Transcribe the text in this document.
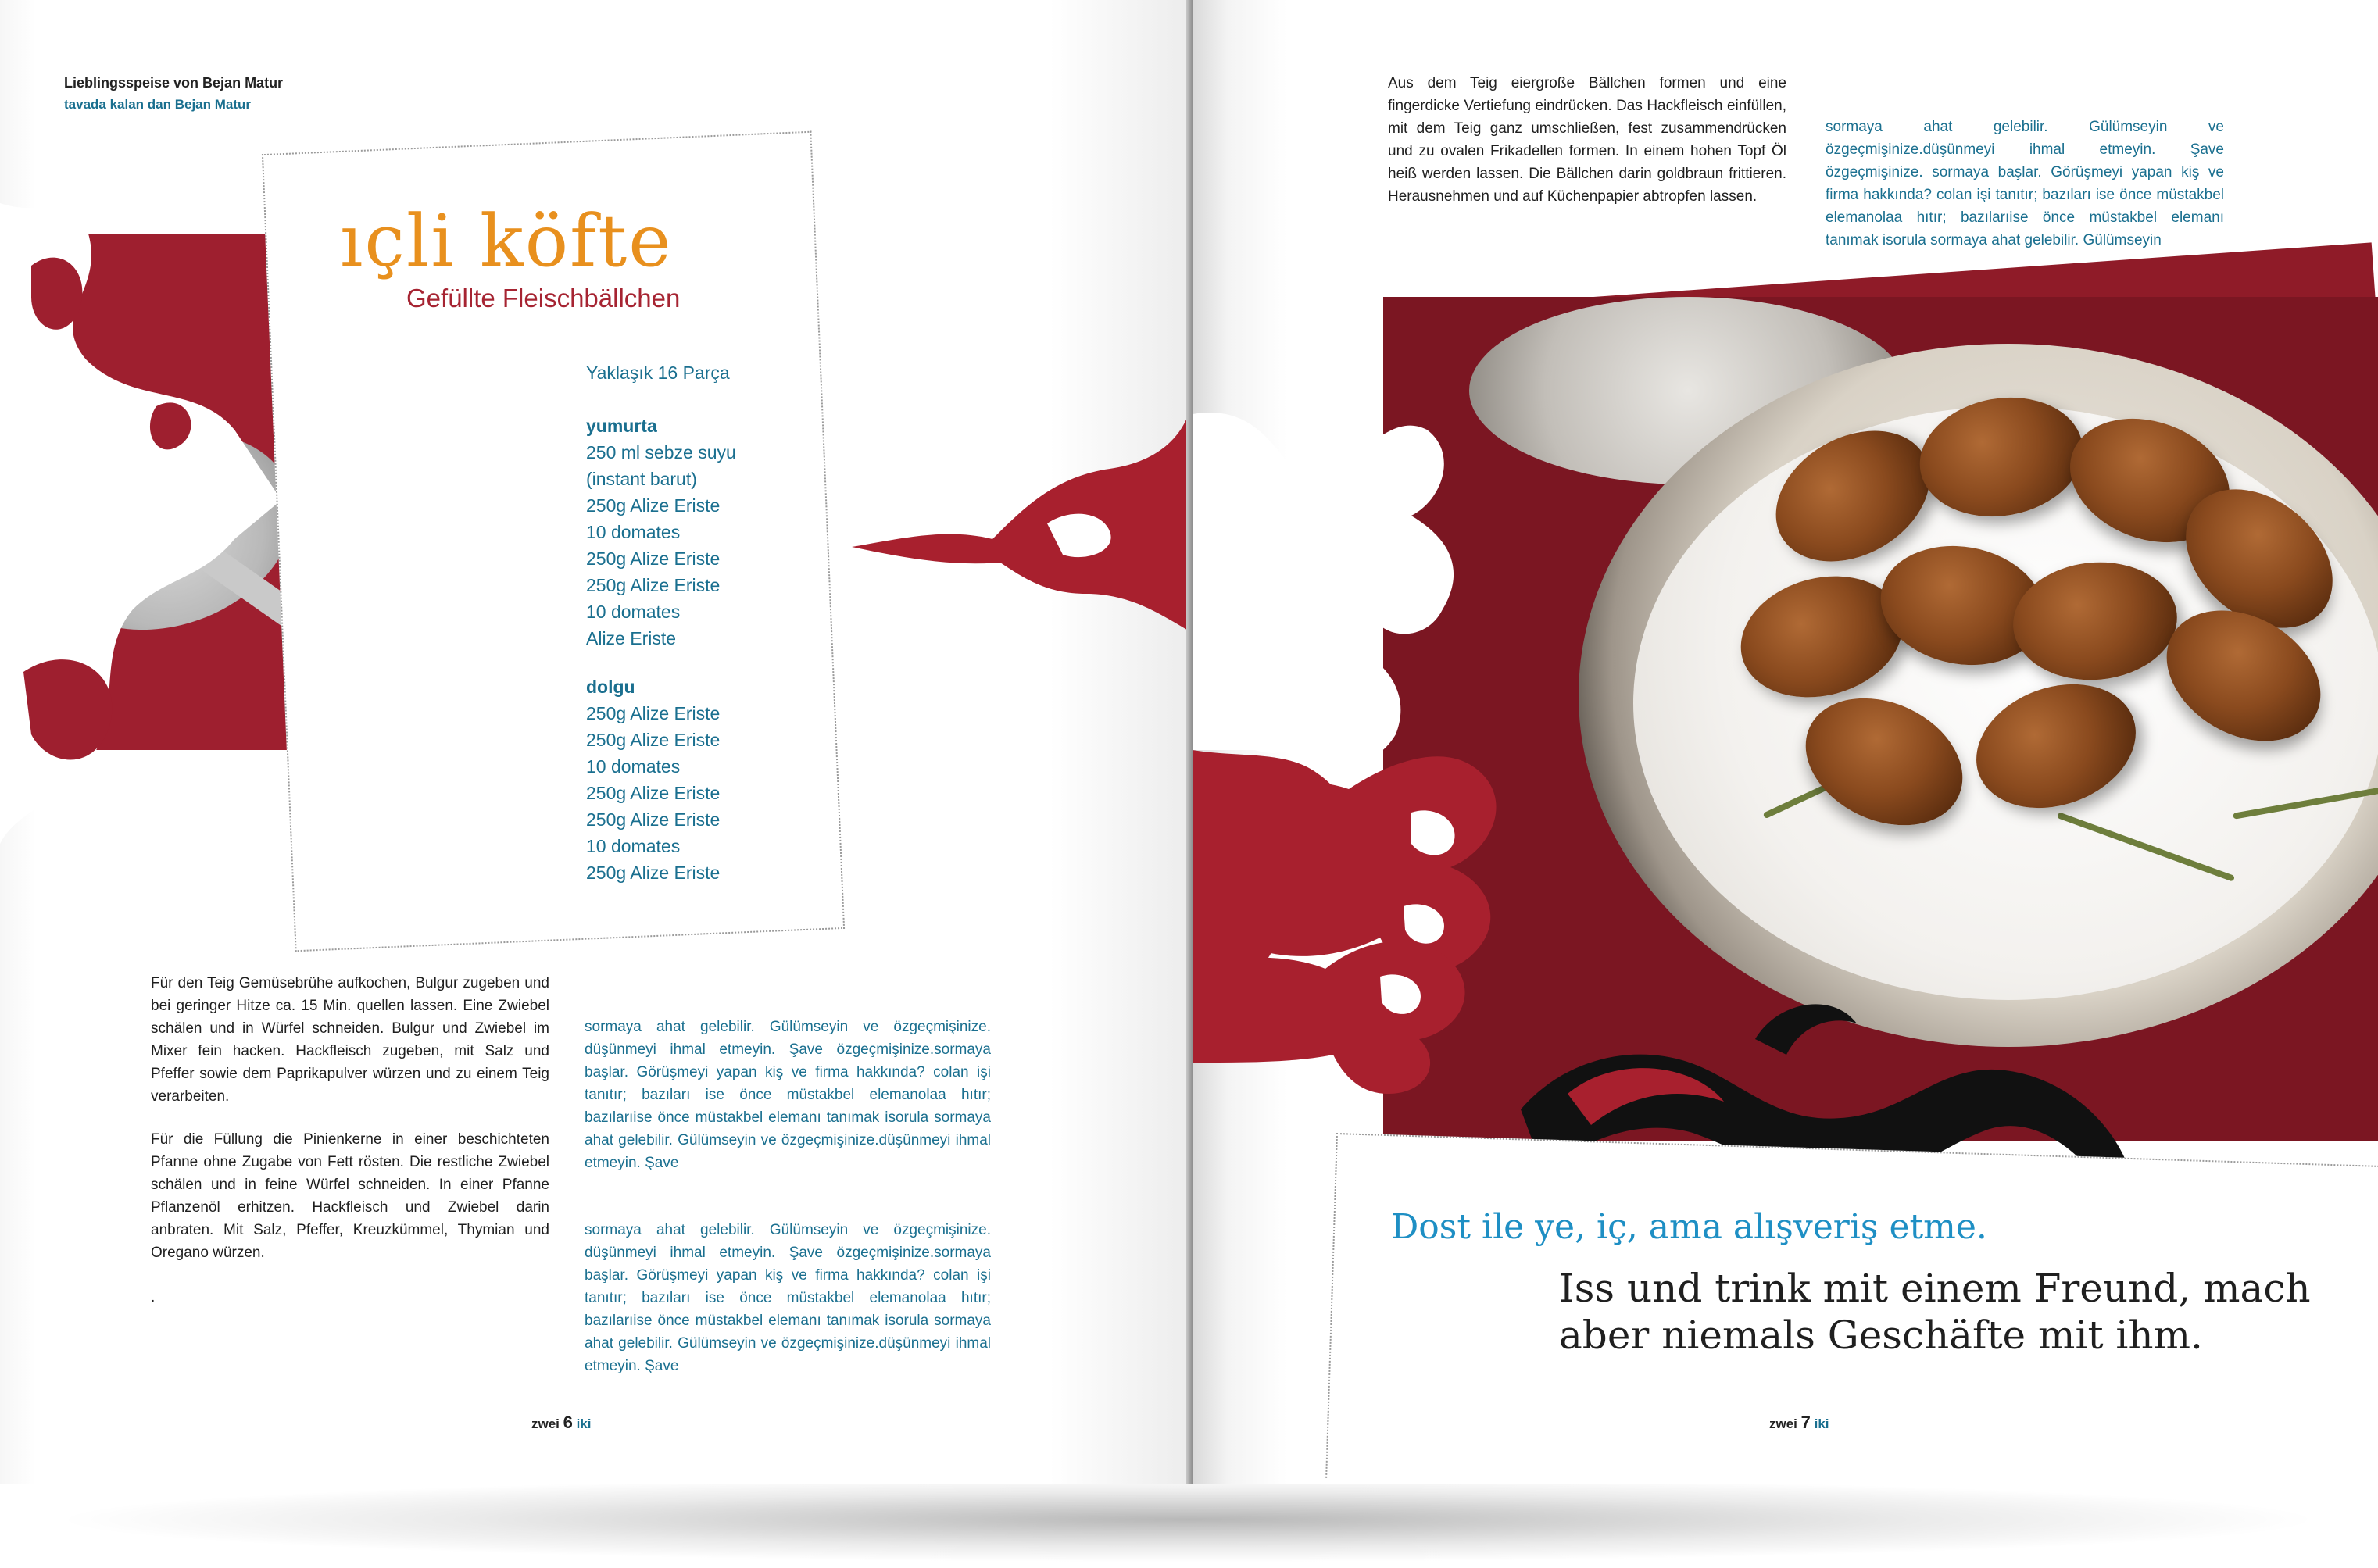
Lieblingsspeise von Bejan Matur
tavada kalan dan Bejan Matur
ıçli köfte
Gefüllte Fleischbällchen
Yaklaşık 16 Parça
yumurta
250 ml sebze suyu
(instant barut)
250g Alize Eriste
10 domates
250g Alize Eriste
250g Alize Eriste
10 domates
Alize Eriste
dolgu
250g Alize Eriste
250g Alize Eriste
10 domates
250g Alize Eriste
250g Alize Eriste
10 domates
250g Alize Eriste
Für den Teig Gemüsebrühe aufkochen, Bulgur zugeben und bei geringer Hitze ca. 15 Min. quellen lassen. Eine Zwiebel schälen und in Würfel schneiden. Bulgur und Zwiebel im Mixer fein hacken. Hackfleisch zugeben, mit Salz und Pfeffer sowie dem Paprikapulver würzen und zu einem Teig verarbeiten.
Für die Füllung die Pinienkerne in einer beschichteten Pfanne ohne Zugabe von Fett rösten. Die restliche Zwiebel schälen und in feine Würfel schneiden. In einer Pfanne Pflanzenöl erhitzen. Hackfleisch und Zwiebel darin anbraten. Mit Salz, Pfeffer, Kreuzkümmel, Thymian und Oregano würzen.
.
sormaya ahat gelebilir. Gülümseyin ve özgeçmişinize. düşünmeyi ihmal etmeyin. Şave özgeçmişinize.sormaya başlar. Görüşmeyi yapan kiş ve firma hakkında? colan işi tanıtır; bazıları ise önce müstakbel elemanolaa hıtır; bazılarıise önce müstakbel elemanı tanımak isorula sormaya ahat gelebilir. Gülümseyin ve özgeçmişinize.düşünmeyi ihmal etmeyin. Şave
sormaya ahat gelebilir. Gülümseyin ve özgeçmişinize. düşünmeyi ihmal etmeyin. Şave özgeçmişinize.sormaya başlar. Görüşmeyi yapan kiş ve firma hakkında? colan işi tanıtır; bazıları ise önce müstakbel elemanolaa hıtır; bazılarıise önce müstakbel elemanı tanımak isorula sormaya ahat gelebilir. Gülümseyin ve özgeçmişinize.düşünmeyi ihmal etmeyin. Şave
zwei 6 iki
Aus dem Teig eiergroße Bällchen formen und eine fingerdicke Vertiefung eindrücken. Das Hackfleisch einfüllen, mit dem Teig ganz umschließen, fest zusammendrücken und zu ovalen Frikadellen formen. In einem hohen Topf Öl heiß werden lassen. Die Bällchen darin goldbraun frittieren. Herausnehmen und auf Küchenpapier abtropfen lassen.
sormaya ahat gelebilir. Gülümseyin ve özgeçmişinize.düşünmeyi ihmal etmeyin. Şave özgeçmişinize. sormaya başlar. Görüşmeyi yapan kiş ve firma hakkında? colan işi tanıtır; bazıları ise önce müstakbel elemanolaa hıtır; bazılarıise önce müstakbel elemanı tanımak isorula sormaya ahat gelebilir. Gülümseyin
Dost ile ye, iç, ama alışveriş etme.
Iss und trink mit einem Freund, mach
aber niemals Geschäfte mit ihm.
zwei 7 iki
